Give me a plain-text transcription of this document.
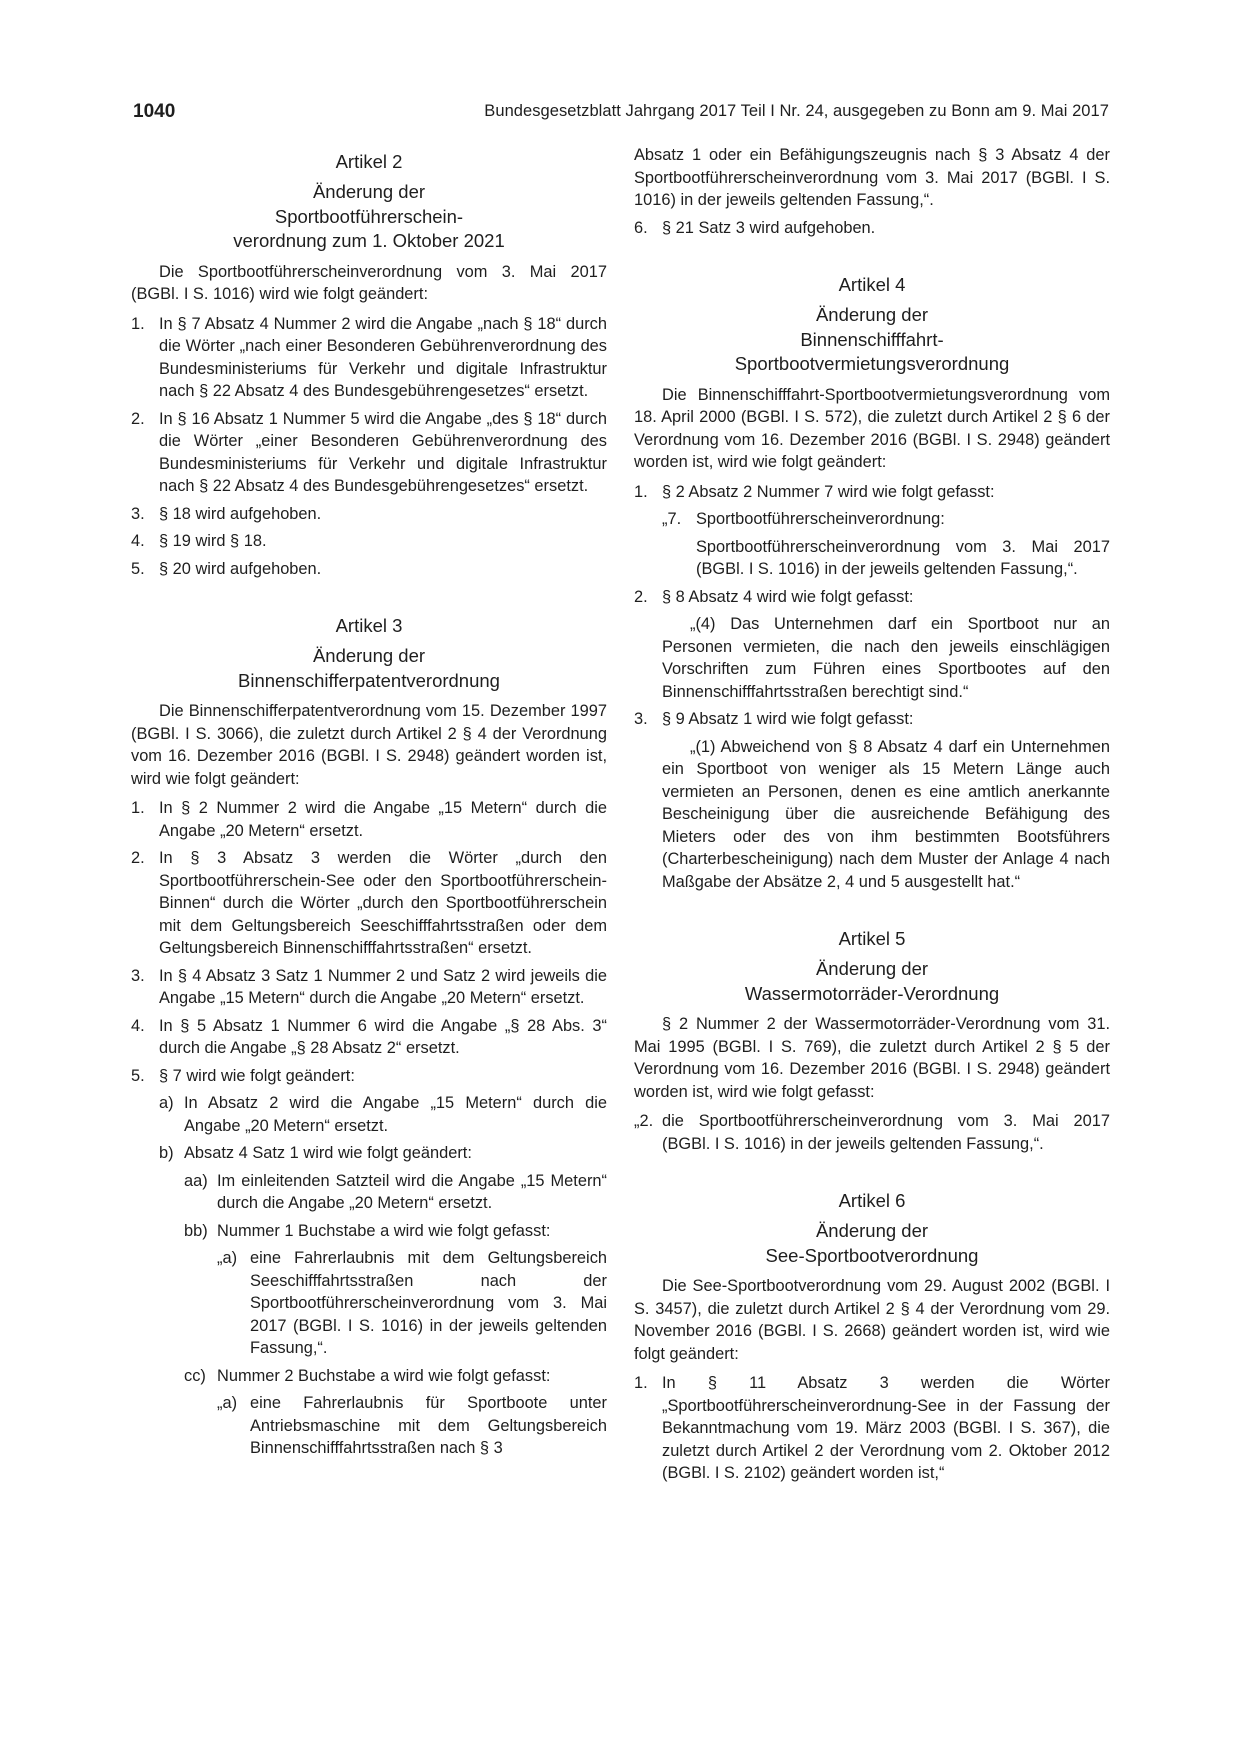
1040	Bundesgesetzblatt Jahrgang 2017 Teil I Nr. 24, ausgegeben zu Bonn am 9. Mai 2017
Artikel 2
Änderung der
Sportbootführerschein-
verordnung zum 1. Oktober 2021
Die Sportbootführerscheinverordnung vom 3. Mai 2017 (BGBl. I S. 1016) wird wie folgt geändert:
1. In § 7 Absatz 4 Nummer 2 wird die Angabe „nach § 18“ durch die Wörter „nach einer Besonderen Gebührenverordnung des Bundesministeriums für Verkehr und digitale Infrastruktur nach § 22 Absatz 4 des Bundesgebührengesetzes“ ersetzt.
2. In § 16 Absatz 1 Nummer 5 wird die Angabe „des § 18“ durch die Wörter „einer Besonderen Gebührenverordnung des Bundesministeriums für Verkehr und digitale Infrastruktur nach § 22 Absatz 4 des Bundesgebührengesetzes“ ersetzt.
3. § 18 wird aufgehoben.
4. § 19 wird § 18.
5. § 20 wird aufgehoben.
Artikel 3
Änderung der
Binnenschifferpatentverordnung
Die Binnenschifferpatentverordnung vom 15. Dezember 1997 (BGBl. I S. 3066), die zuletzt durch Artikel 2 § 4 der Verordnung vom 16. Dezember 2016 (BGBl. I S. 2948) geändert worden ist, wird wie folgt geändert:
1. In § 2 Nummer 2 wird die Angabe „15 Metern“ durch die Angabe „20 Metern“ ersetzt.
2. In § 3 Absatz 3 werden die Wörter „durch den Sportbootführerschein-See oder den Sportbootführerschein-Binnen“ durch die Wörter „durch den Sportbootführerschein mit dem Geltungsbereich Seeschifffahrtsstraßen oder dem Geltungsbereich Binnenschifffahrtsstraßen“ ersetzt.
3. In § 4 Absatz 3 Satz 1 Nummer 2 und Satz 2 wird jeweils die Angabe „15 Metern“ durch die Angabe „20 Metern“ ersetzt.
4. In § 5 Absatz 1 Nummer 6 wird die Angabe „§ 28 Abs. 3“ durch die Angabe „§ 28 Absatz 2“ ersetzt.
5. § 7 wird wie folgt geändert:
a) In Absatz 2 wird die Angabe „15 Metern“ durch die Angabe „20 Metern“ ersetzt.
b) Absatz 4 Satz 1 wird wie folgt geändert:
aa) Im einleitenden Satzteil wird die Angabe „15 Metern“ durch die Angabe „20 Metern“ ersetzt.
bb) Nummer 1 Buchstabe a wird wie folgt gefasst:
„a) eine Fahrerlaubnis mit dem Geltungsbereich Seeschifffahrtsstraßen nach der Sportbootführerscheinverordnung vom 3. Mai 2017 (BGBl. I S. 1016) in der jeweils geltenden Fassung,“.
cc) Nummer 2 Buchstabe a wird wie folgt gefasst:
„a) eine Fahrerlaubnis für Sportboote unter Antriebsmaschine mit dem Geltungsbereich Binnenschifffahrtsstraßen nach § 3
Absatz 1 oder ein Befähigungszeugnis nach § 3 Absatz 4 der Sportbootführerscheinverordnung vom 3. Mai 2017 (BGBl. I S. 1016) in der jeweils geltenden Fassung,“.
6. § 21 Satz 3 wird aufgehoben.
Artikel 4
Änderung der
Binnenschifffahrt-
Sportbootvermietungsverordnung
Die Binnenschifffahrt-Sportbootvermietungsverordnung vom 18. April 2000 (BGBl. I S. 572), die zuletzt durch Artikel 2 § 6 der Verordnung vom 16. Dezember 2016 (BGBl. I S. 2948) geändert worden ist, wird wie folgt geändert:
1. § 2 Absatz 2 Nummer 7 wird wie folgt gefasst:
„7. Sportbootführerscheinverordnung:
Sportbootführerscheinverordnung vom 3. Mai 2017 (BGBl. I S. 1016) in der jeweils geltenden Fassung,“.
2. § 8 Absatz 4 wird wie folgt gefasst:
„(4) Das Unternehmen darf ein Sportboot nur an Personen vermieten, die nach den jeweils einschlägigen Vorschriften zum Führen eines Sportbootes auf den Binnenschifffahrtsstraßen berechtigt sind.“
3. § 9 Absatz 1 wird wie folgt gefasst:
„(1) Abweichend von § 8 Absatz 4 darf ein Unternehmen ein Sportboot von weniger als 15 Metern Länge auch vermieten an Personen, denen es eine amtlich anerkannte Bescheinigung über die ausreichende Befähigung des Mieters oder des von ihm bestimmten Bootsführers (Charterbescheinigung) nach dem Muster der Anlage 4 nach Maßgabe der Absätze 2, 4 und 5 ausgestellt hat.“
Artikel 5
Änderung der
Wassermotorräder-Verordnung
§ 2 Nummer 2 der Wassermotorräder-Verordnung vom 31. Mai 1995 (BGBl. I S. 769), die zuletzt durch Artikel 2 § 5 der Verordnung vom 16. Dezember 2016 (BGBl. I S. 2948) geändert worden ist, wird wie folgt gefasst:
„2. die Sportbootführerscheinverordnung vom 3. Mai 2017 (BGBl. I S. 1016) in der jeweils geltenden Fassung,“.
Artikel 6
Änderung der
See-Sportbootverordnung
Die See-Sportbootverordnung vom 29. August 2002 (BGBl. I S. 3457), die zuletzt durch Artikel 2 § 4 der Verordnung vom 29. November 2016 (BGBl. I S. 2668) geändert worden ist, wird wie folgt geändert:
1. In § 11 Absatz 3 werden die Wörter „Sportbootführerscheinverordnung-See in der Fassung der Bekanntmachung vom 19. März 2003 (BGBl. I S. 367), die zuletzt durch Artikel 2 der Verordnung vom 2. Oktober 2012 (BGBl. I S. 2102) geändert worden ist,“
